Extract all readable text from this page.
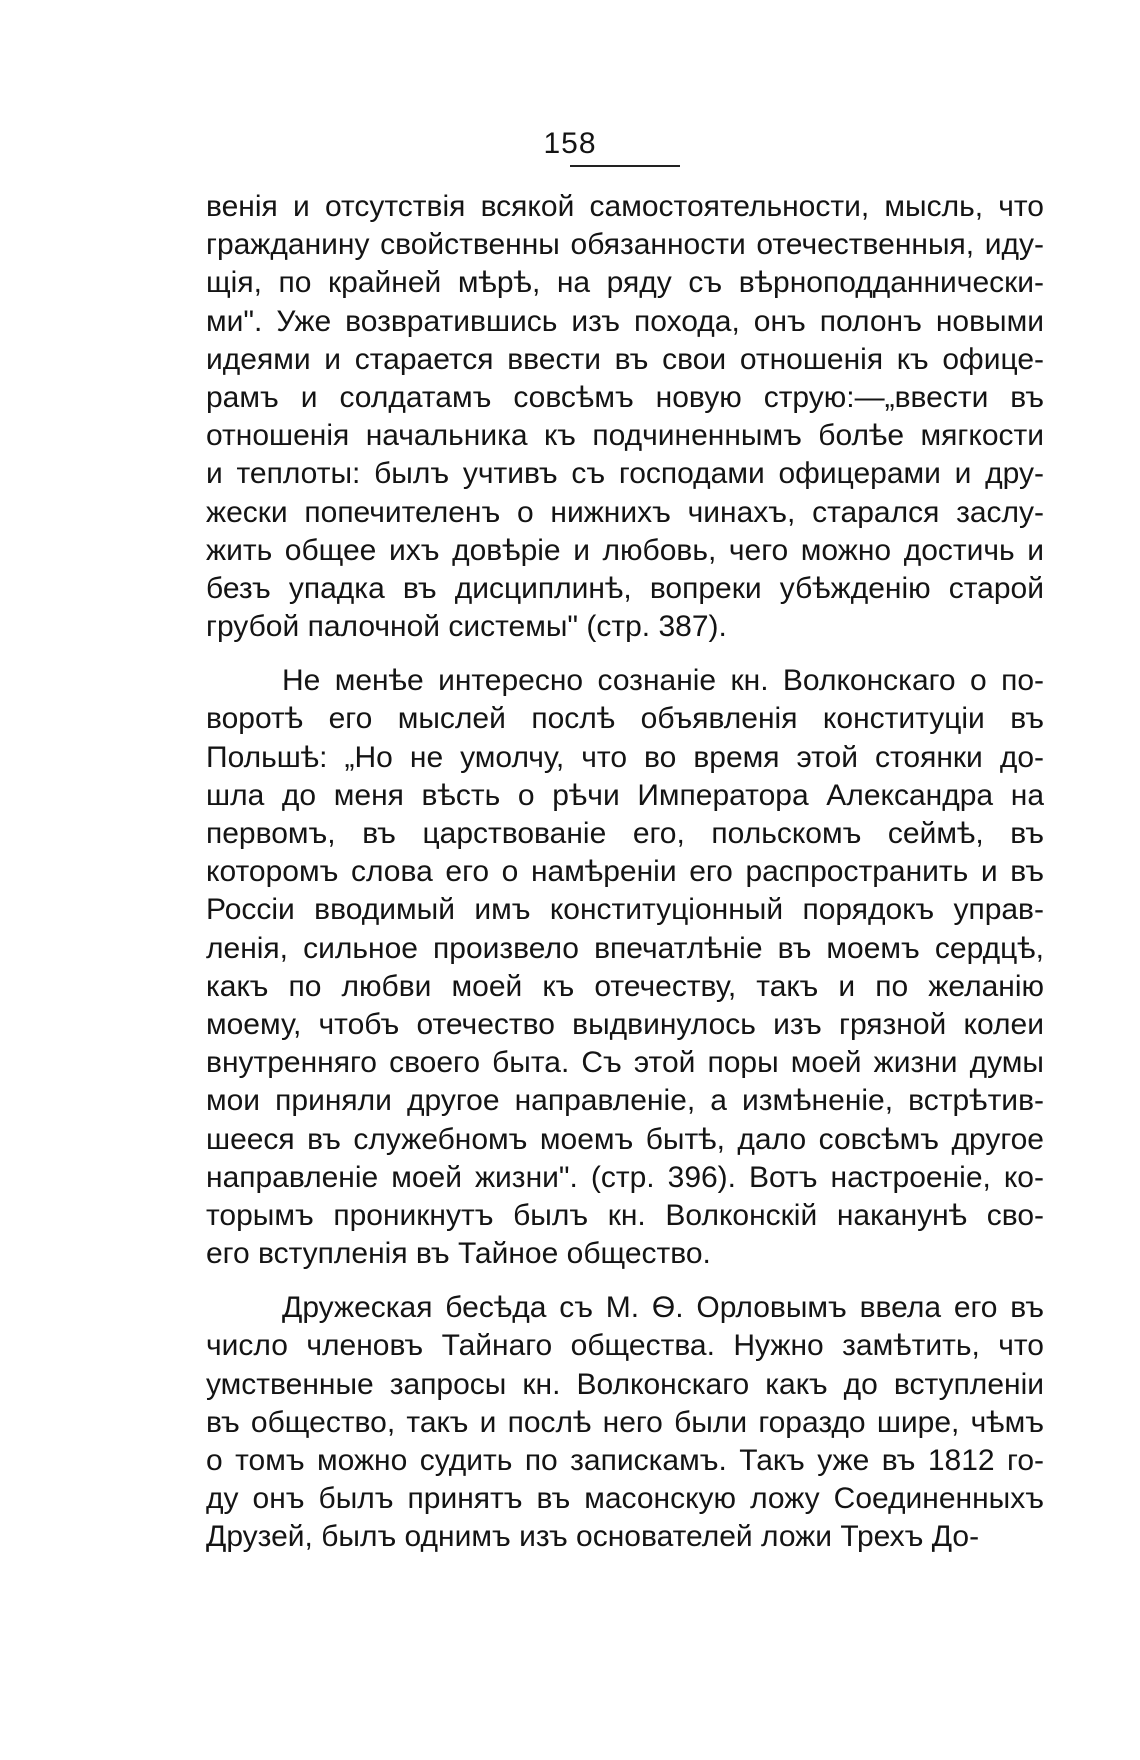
158
венія и отсутствія всякой самостоятельности, мысль, что
гражданину свойственны обязанности отечественныя, иду-
щія, по крайней мѣрѣ, на ряду съ вѣрноподданнически-
ми". Уже возвратившись изъ похода, онъ полонъ новыми
идеями и старается ввести въ свои отношенія къ офице-
рамъ и солдатамъ совсѣмъ новую струю:—„ввести въ
отношенія начальника къ подчиненнымъ болѣе мягкости
и теплоты: былъ учтивъ съ господами офицерами и дру-
жески попечителенъ о нижнихъ чинахъ, старался заслу-
жить общее ихъ довѣріе и любовь, чего можно достичь и
безъ упадка въ дисциплинѣ, вопреки убѣжденію старой
грубой палочной системы" (стр. 387).
Не менѣе интересно сознаніе кн. Волконскаго о по-
воротѣ его мыслей послѣ объявленія конституціи въ
Польшѣ: „Но не умолчу, что во время этой стоянки до-
шла до меня вѣсть о рѣчи Императора Александра на
первомъ, въ царствованіе его, польскомъ сеймѣ, въ
которомъ слова его о намѣреніи его распространить и въ
Россіи вводимый имъ конституціонный порядокъ управ-
ленія, сильное произвело впечатлѣніе въ моемъ сердцѣ,
какъ по любви моей къ отечеству, такъ и по желанію
моему, чтобъ отечество выдвинулось изъ грязной колеи
внутренняго своего быта. Съ этой поры моей жизни думы
мои приняли другое направленіе, а измѣненіе, встрѣтив-
шееся въ служебномъ моемъ бытѣ, дало совсѣмъ другое
направленіе моей жизни". (стр. 396). Вотъ настроеніе, ко-
торымъ проникнутъ былъ кн. Волконскій наканунѣ сво-
его вступленія въ Тайное общество.
Дружеская бесѣда съ М. Ѳ. Орловымъ ввела его въ
число членовъ Тайнаго общества. Нужно замѣтить, что
умственные запросы кн. Волконскаго какъ до вступленіи
въ общество, такъ и послѣ него были гораздо шире, чѣмъ
о томъ можно судить по запискамъ. Такъ уже въ 1812 го-
ду онъ былъ принятъ въ масонскую ложу Соединенныхъ
Друзей, былъ однимъ изъ основателей ложи Трехъ До-
